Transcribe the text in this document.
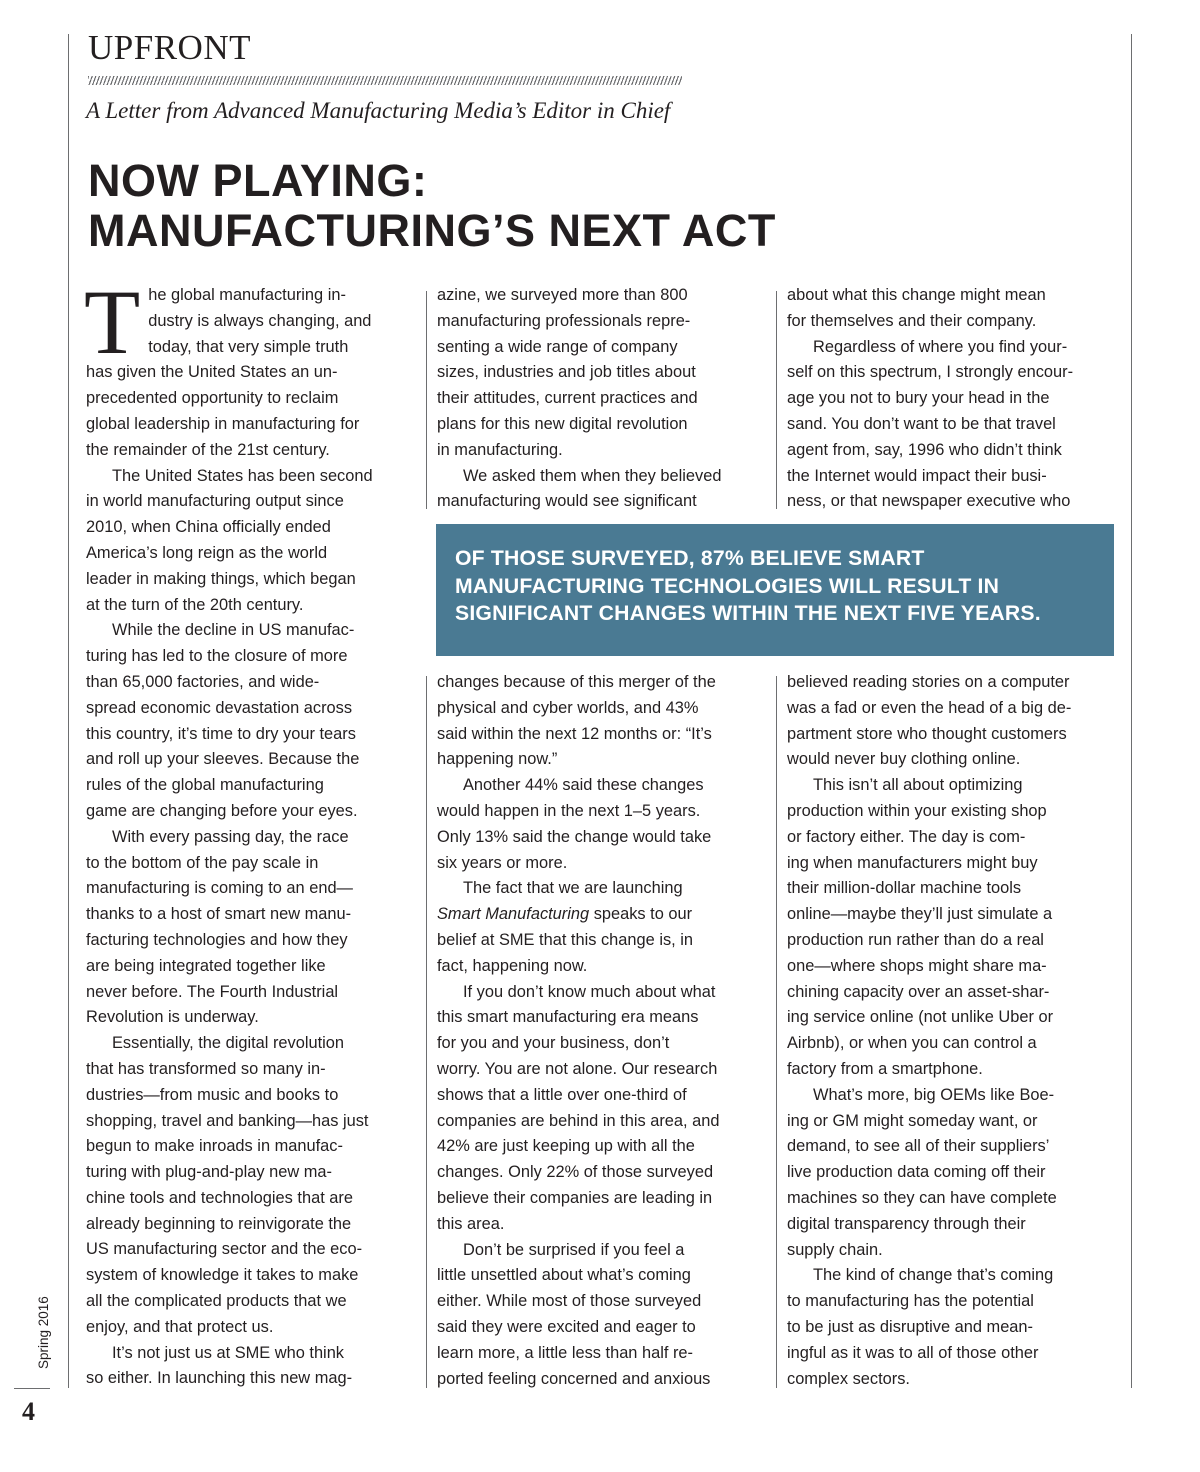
UPFRONT

A Letter from Advanced Manufacturing Media’s Editor in Chief

NOW PLAYING:
MANUFACTURING’S NEXT ACT
T he global manufacturing in-
dustry is always changing, and
today, that very simple truth
has given the United States an un-
precedented opportunity to reclaim
global leadership in manufacturing for
the remainder of the 21st century.
The United States has been second
in world manufacturing output since
2010, when China officially ended
America’s long reign as the world
leader in making things, which began
at the turn of the 20th century.
While the decline in US manufac-
turing has led to the closure of more
than 65,000 factories, and wide-
spread economic devastation across
this country, it’s time to dry your tears
and roll up your sleeves. Because the
rules of the global manufacturing
game are changing before your eyes.
With every passing day, the race
to the bottom of the pay scale in
manufacturing is coming to an end—
thanks to a host of smart new manu-
facturing technologies and how they
are being integrated together like
never before. The Fourth Industrial
Revolution is underway.
Essentially, the digital revolution
that has transformed so many in-
dustries—from music and books to
shopping, travel and banking—has just
begun to make inroads in manufac-
turing with plug-and-play new ma-
chine tools and technologies that are
already beginning to reinvigorate the
US manufacturing sector and the eco-
system of knowledge it takes to make
all the complicated products that we
enjoy, and that protect us.
It’s not just us at SME who think
so either. In launching this new mag-
azine, we surveyed more than 800
manufacturing professionals repre-
senting a wide range of company
sizes, industries and job titles about
their attitudes, current practices and
plans for this new digital revolution
in manufacturing.
We asked them when they believed
manufacturing would see significant
about what this change might mean
for themselves and their company.
Regardless of where you find your-
self on this spectrum, I strongly encour-
age you not to bury your head in the
sand. You don’t want to be that travel
agent from, say, 1996 who didn’t think
the Internet would impact their busi-
ness, or that newspaper executive who
OF THOSE SURVEYED, 87% BELIEVE SMART
MANUFACTURING TECHNOLOGIES WILL RESULT IN
SIGNIFICANT CHANGES WITHIN THE NEXT FIVE YEARS.
changes because of this merger of the
physical and cyber worlds, and 43%
said within the next 12 months or: “It’s
happening now.”
Another 44% said these changes
would happen in the next 1–5 years.
Only 13% said the change would take
six years or more.
The fact that we are launching
Smart Manufacturing speaks to our
belief at SME that this change is, in
fact, happening now.
If you don’t know much about what
this smart manufacturing era means
for you and your business, don’t
worry. You are not alone. Our research
shows that a little over one-third of
companies are behind in this area, and
42% are just keeping up with all the
changes. Only 22% of those surveyed
believe their companies are leading in
this area.
Don’t be surprised if you feel a
little unsettled about what’s coming
either. While most of those surveyed
said they were excited and eager to
learn more, a little less than half re-
ported feeling concerned and anxious
believed reading stories on a computer
was a fad or even the head of a big de-
partment store who thought customers
would never buy clothing online.
This isn’t all about optimizing
production within your existing shop
or factory either. The day is com-
ing when manufacturers might buy
their million-dollar machine tools
online—maybe they’ll just simulate a
production run rather than do a real
one—where shops might share ma-
chining capacity over an asset-shar-
ing service online (not unlike Uber or
Airbnb), or when you can control a
factory from a smartphone.
What’s more, big OEMs like Boe-
ing or GM might someday want, or
demand, to see all of their suppliers’
live production data coming off their
machines so they can have complete
digital transparency through their
supply chain.
The kind of change that’s coming
to manufacturing has the potential
to be just as disruptive and mean-
ingful as it was to all of those other
complex sectors.
Spring 2016
4
